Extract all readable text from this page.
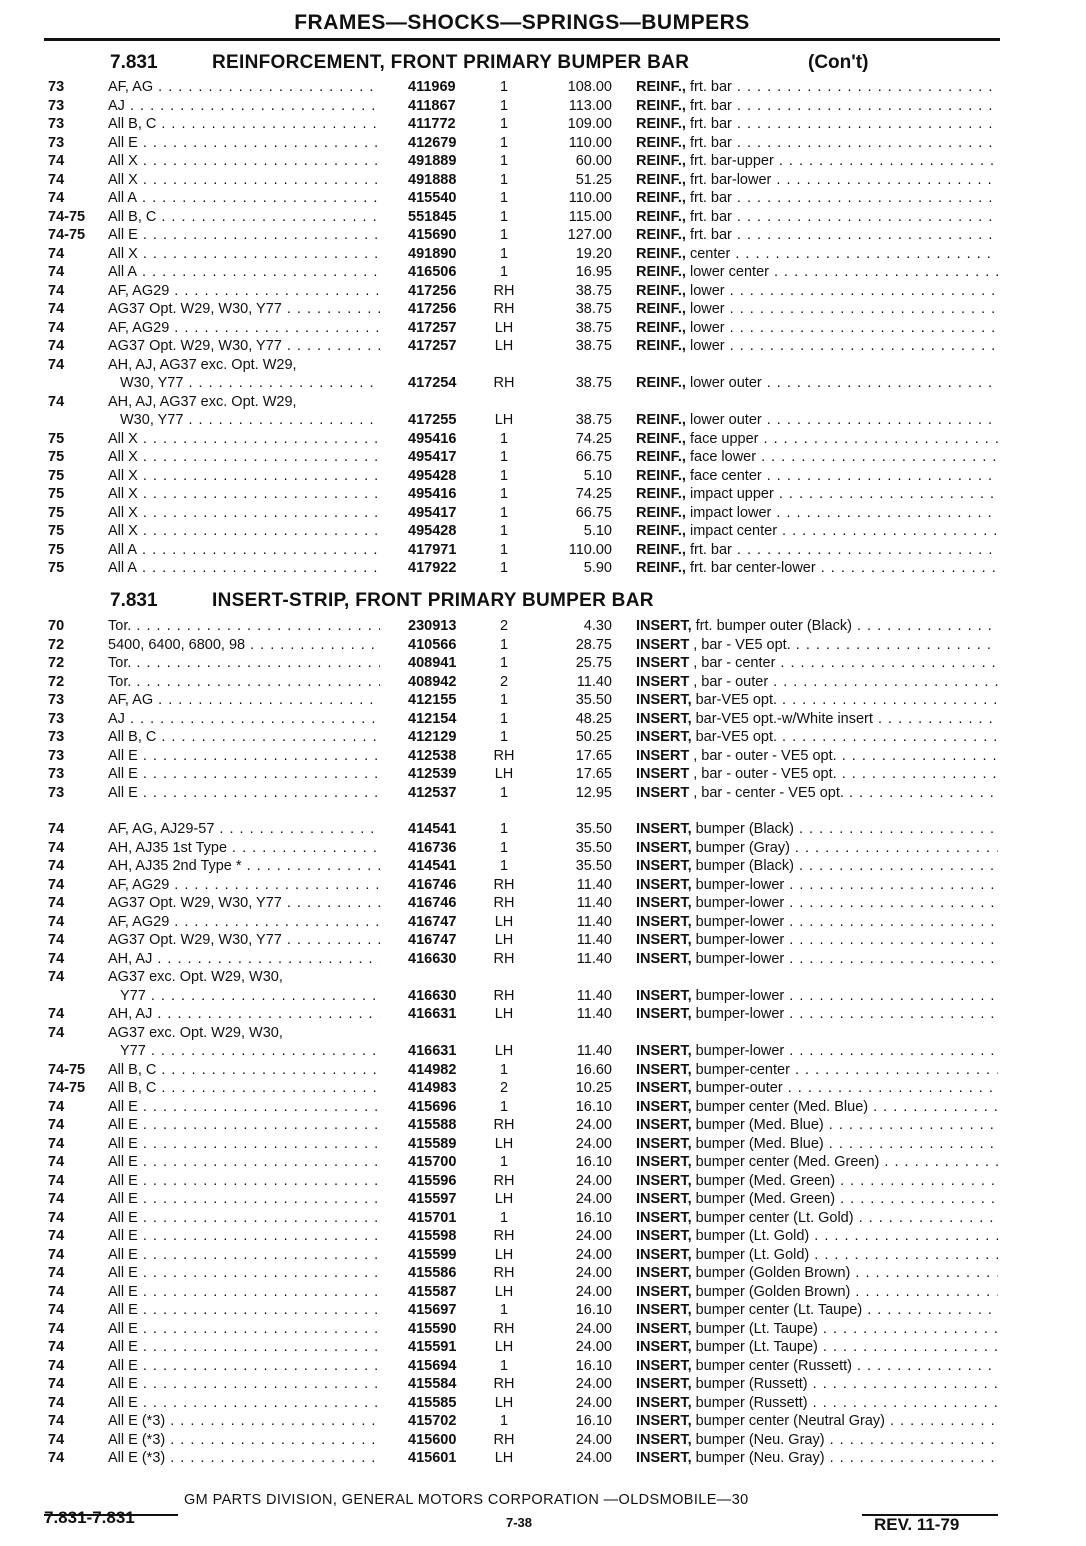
FRAMES—SHOCKS—SPRINGS—BUMPERS
7.831	REINFORCEMENT, FRONT PRIMARY BUMPER BAR	(Con't)
73	AF, AG . . .	411969	1	108.00 REINF., frt. bar . . .
73	AJ . . .	411867	1	113.00 REINF., frt. bar . . .
73	All B, C . . .	411772	1	109.00 REINF., frt. bar . . .
73	All E . . .	412679	1	110.00 REINF., frt. bar . . .
74	All X . . .	491889	1	60.00 REINF., frt. bar-upper . . .
74	All X . . .	491888	1	51.25 REINF., frt. bar-lower . . .
74	All A . . .	415540	1	110.00 REINF., frt. bar . . .
74-75 All B, C . . .	551845	1	115.00 REINF., frt. bar . . .
74-75 All E . . .	415690	1	127.00 REINF., frt. bar . . .
74	All X . . .	491890	1	19.20 REINF., center . . .
74	All A . . .	416506	1	16.95 REINF., lower center . . .
74	AF, AG29 . . .	417256	RH	38.75 REINF., lower . . .
74	AG37 Opt. W29, W30, Y77 . . .	417256	RH	38.75 REINF., lower . . .
74	AF, AG29 . . .	417257	LH	38.75 REINF., lower . . .
74	AG37 Opt. W29, W30, Y77 . . .	417257	LH	38.75 REINF., lower . . .
74	AH, AJ, AG37 exc. Opt. W29,
W30, Y77 . . .	417254	RH	38.75 REINF., lower outer . . .
74	AH, AJ, AG37 exc. Opt. W29,
W30, Y77 . . .	417255	LH	38.75 REINF., lower outer . . .
75	All X . . .	495416	1	74.25 REINF., face upper . . .
75	All X . . .	495417	1	66.75 REINF., face lower . . .
75	All X . . .	495428	1	5.10 REINF., face center . . .
75	All X . . .	495416	1	74.25 REINF., impact upper . . .
75	All X . . .	495417	1	66.75 REINF., impact lower . . .
75	All X . . .	495428	1	5.10 REINF., impact center . . .
75	All A . . .	417971	1	110.00 REINF., frt. bar . . .
75	All A . . .	417922	1	5.90 REINF., frt. bar center-lower . . .
7.831	INSERT-STRIP, FRONT PRIMARY BUMPER BAR
70	Tor. . . .	230913	2	4.30 INSERT, frt. bumper outer (Black) . . .
72	5400, 6400, 6800, 98 . . .	410566	1	28.75 INSERT , bar - VE5 opt. . . .
72	Tor. . . .	408941	1	25.75 INSERT , bar - center . . .
72	Tor. . . .	408942	2	11.40 INSERT , bar - outer . . .
73	AF, AG . . .	412155	1	35.50 INSERT, bar-VE5 opt. . . .
73	AJ . . .	412154	1	48.25 INSERT, bar-VE5 opt.-w/White insert . . .
73	All B, C . . .	412129	1	50.25 INSERT, bar-VE5 opt. . . .
73	All E . . .	412538	RH	17.65 INSERT , bar - outer - VE5 opt. . . .
73	All E . . .	412539	LH	17.65 INSERT , bar - outer - VE5 opt. . . .
73	All E . . .	412537	1	12.95 INSERT , bar - center - VE5 opt. . . .
74	AF, AG, AJ29-57 . . .	414541	1	35.50 INSERT, bumper (Black) . . .
74	AH, AJ35 1st Type . . .	416736	1	35.50 INSERT, bumper (Gray) . . .
74	AH, AJ35 2nd Type * . . .	414541	1	35.50 INSERT, bumper (Black) . . .
74	AF, AG29 . . .	416746	RH	11.40 INSERT, bumper-lower . . .
74	AG37 Opt. W29, W30, Y77 . . .	416746	RH	11.40 INSERT, bumper-lower . . .
74	AF, AG29 . . .	416747	LH	11.40 INSERT, bumper-lower . . .
74	AG37 Opt. W29, W30, Y77 . . .	416747	LH	11.40 INSERT, bumper-lower . . .
74	AH, AJ . . .	416630	RH	11.40 INSERT, bumper-lower . . .
74	AG37 exc. Opt. W29, W30,
Y77 . . .	416630	RH	11.40 INSERT, bumper-lower . . .
74	AH, AJ . . .	416631	LH	11.40 INSERT, bumper-lower . . .
74	AG37 exc. Opt. W29, W30,
Y77 . . .	416631	LH	11.40 INSERT, bumper-lower . . .
74-75 All B, C . . .	414982	1	16.60 INSERT, bumper-center . . .
74-75 All B, C . . .	414983	2	10.25 INSERT, bumper-outer . . .
74	All E . . .	415696	1	16.10 INSERT, bumper center (Med. Blue) . . .
74	All E . . .	415588	RH	24.00 INSERT, bumper (Med. Blue) . . .
74	All E . . .	415589	LH	24.00 INSERT, bumper (Med. Blue) . . .
74	All E . . .	415700	1	16.10 INSERT, bumper center (Med. Green) . . .
74	All E . . .	415596	RH	24.00 INSERT, bumper (Med. Green) . . .
74	All E . . .	415597	LH	24.00 INSERT, bumper (Med. Green) . . .
74	All E . . .	415701	1	16.10 INSERT, bumper center (Lt. Gold) . . .
74	All E . . .	415598	RH	24.00 INSERT, bumper (Lt. Gold) . . .
74	All E . . .	415599	LH	24.00 INSERT, bumper (Lt. Gold) . . .
74	All E . . .	415586	RH	24.00 INSERT, bumper (Golden Brown) . . .
74	All E . . .	415587	LH	24.00 INSERT, bumper (Golden Brown) . . .
74	All E . . .	415697	1	16.10 INSERT, bumper center (Lt. Taupe) . . .
74	All E . . .	415590	RH	24.00 INSERT, bumper (Lt. Taupe) . . .
74	All E . . .	415591	LH	24.00 INSERT, bumper (Lt. Taupe) . . .
74	All E . . .	415694	1	16.10 INSERT, bumper center (Russett) . . .
74	All E . . .	415584	RH	24.00 INSERT, bumper (Russett) . . .
74	All E . . .	415585	LH	24.00 INSERT, bumper (Russett) . . .
74	All E (*3) . . .	415702	1	16.10 INSERT, bumper center (Neutral Gray) . . .
74	All E (*3) . . .	415600	RH	24.00 INSERT, bumper (Neu. Gray) . . .
74	All E (*3) . . .	415601	LH	24.00 INSERT, bumper (Neu. Gray) . . .
GM PARTS DIVISION, GENERAL MOTORS CORPORATION —OLDSMOBILE—30
7.831-7.831	7-38	REV. 11-79
